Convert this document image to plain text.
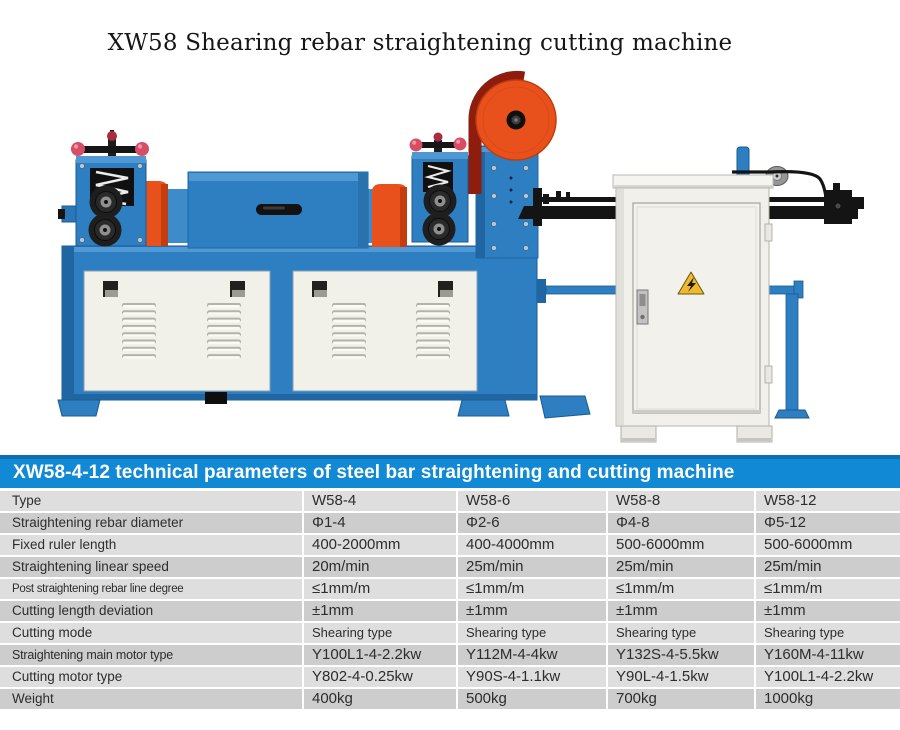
XW58 Shearing rebar straightening cutting machine
XW58-4-12 technical parameters of steel bar straightening and cutting machine
Type	W58-4	W58-6	W58-8	W58-12
Straightening rebar diameter	Φ1-4	Φ2-6	Φ4-8	Φ5-12
Fixed ruler length	400-2000mm	400-4000mm	500-6000mm	500-6000mm
Straightening linear speed	20m/min	25m/min	25m/min	25m/min
Post straightening rebar line degree	≤1mm/m	≤1mm/m	≤1mm/m	≤1mm/m
Cutting length deviation	±1mm	±1mm	±1mm	±1mm
Cutting mode	Shearing type	Shearing type	Shearing type	Shearing type
Straightening main motor type	Y100L1-4-2.2kw	Y112M-4-4kw	Y132S-4-5.5kw	Y160M-4-11kw
Cutting motor type	Y802-4-0.25kw	Y90S-4-1.1kw	Y90L-4-1.5kw	Y100L1-4-2.2kw
Weight	400kg	500kg	700kg	1000kg
